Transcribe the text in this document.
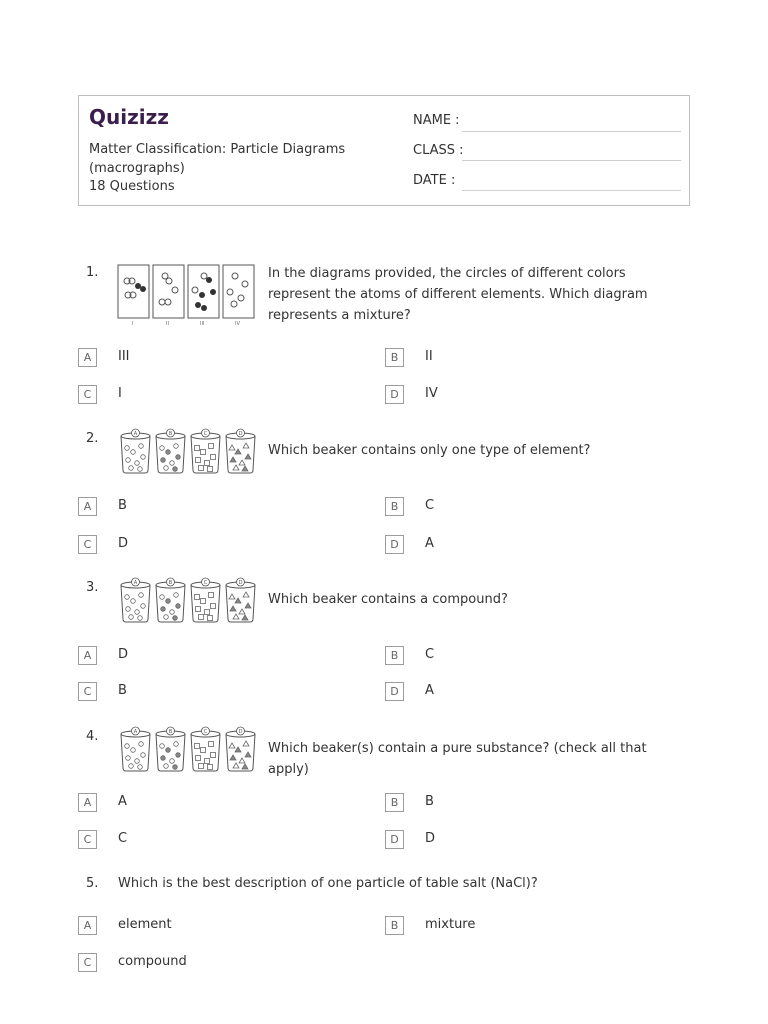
Quizizz
Matter Classification: Particle Diagrams (macrographs)
18 Questions
NAME :
CLASS :
DATE :
1.
I	II	III	IV
In the diagrams provided, the circles of different colors represent the atoms of different elements. Which diagram represents a mixture?
A	III	B	II
C	I	D	IV
2.	A	B	C	D
Which beaker contains only one type of element?
A	B	B	C
C	D	D	A
3.	A	B	C	D
Which beaker contains a compound?
A	D	B	C
C	B	D	A
4.	A	B	C	D
Which beaker(s) contain a pure substance? (check all that apply)
A	A	B	B
C	C	D	D
5. Which is the best description of one particle of table salt (NaCl)?
A	element	B	mixture
C	compound
